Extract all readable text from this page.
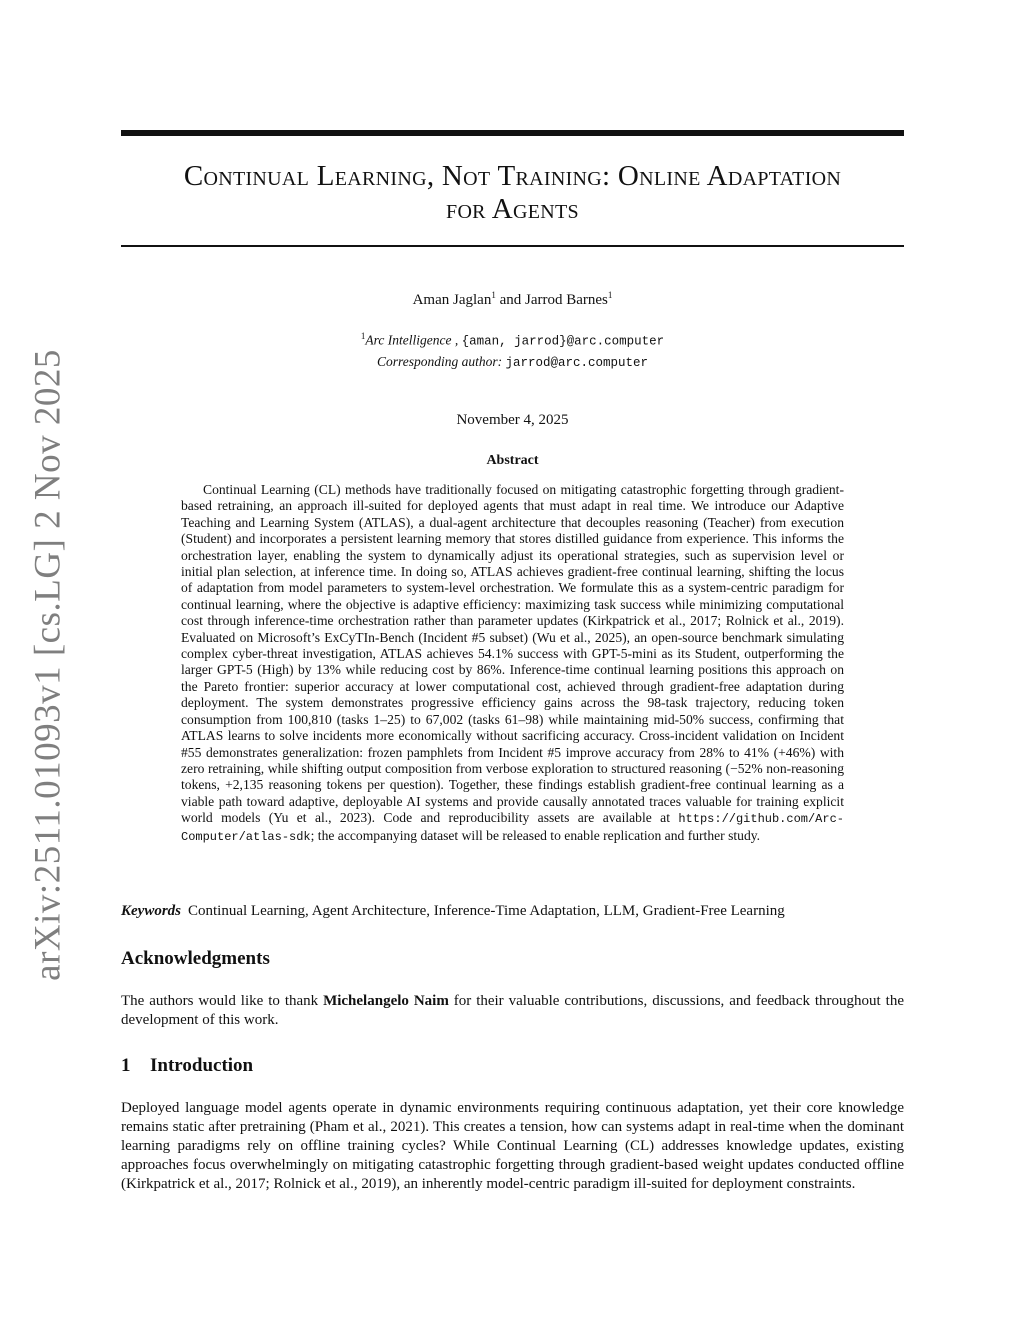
arXiv:2511.01093v1 [cs.LG] 2 Nov 2025
Continual Learning, Not Training: Online Adaptation
for Agents
Aman Jaglan$^1$ and Jarrod Barnes$^1$
$^1$Arc Intelligence , {aman, jarrod}@arc.computer
Corresponding author: jarrod@arc.computer
November 4, 2025
Abstract

Continual Learning (CL) methods have traditionally focused on mitigating catastrophic forgetting through gradient-based retraining, an approach ill-suited for deployed agents that must adapt in real time. We introduce our Adaptive Teaching and Learning System (ATLAS), a dual-agent architecture that decouples reasoning (Teacher) from execution (Student) and incorporates a persistent learning memory that stores distilled guidance from experience. This informs the orchestration layer, enabling the system to dynamically adjust its operational strategies, such as supervision level or initial plan selection, at inference time. In doing so, ATLAS achieves gradient-free continual learning, shifting the locus of adaptation from model parameters to system-level orchestration. We formulate this as a system-centric paradigm for continual learning, where the objective is adaptive efficiency: maximizing task success while minimizing computational cost through inference-time orchestration rather than parameter updates (Kirkpatrick et al., 2017; Rolnick et al., 2019). Evaluated on Microsoft’s ExCyTIn-Bench (Incident #5 subset) (Wu et al., 2025), an open-source benchmark simulating complex cyber-threat investigation, ATLAS achieves 54.1% success with GPT-5-mini as its Student, outperforming the larger GPT-5 (High) by 13% while reducing cost by 86%. Inference-time continual learning positions this approach on the Pareto frontier: superior accuracy at lower computational cost, achieved through gradient-free adaptation during deployment. The system demonstrates progressive efficiency gains across the 98-task trajectory, reducing token consumption from 100,810 (tasks 1–25) to 67,002 (tasks 61–98) while maintaining mid-50% success, confirming that ATLAS learns to solve incidents more economically without sacrificing accuracy. Cross-incident validation on Incident #55 demonstrates generalization: frozen pamphlets from Incident #5 improve accuracy from 28% to 41% (+46%) with zero retraining, while shifting output composition from verbose exploration to structured reasoning (−52% non-reasoning tokens, +2,135 reasoning tokens per question). Together, these findings establish gradient-free continual learning as a viable path toward adaptive, deployable AI systems and provide causally annotated traces valuable for training explicit world models (Yu et al., 2023). Code and reproducibility assets are available at https://github.com/Arc-Computer/atlas-sdk; the accompanying dataset will be released to enable replication and further study.

Keywords Continual Learning, Agent Architecture, Inference-Time Adaptation, LLM, Gradient-Free Learning

Acknowledgments

The authors would like to thank Michelangelo Naim for their valuable contributions, discussions, and feedback throughout the development of this work.

1 Introduction

Deployed language model agents operate in dynamic environments requiring continuous adaptation, yet their core knowledge remains static after pretraining (Pham et al., 2021). This creates a tension, how can systems adapt in real-time when the dominant learning paradigms rely on offline training cycles? While Continual Learning (CL) addresses knowledge updates, existing approaches focus overwhelmingly on mitigating catastrophic forgetting through gradient-based weight updates conducted offline (Kirkpatrick et al., 2017; Rolnick et al., 2019), an inherently model-centric paradigm ill-suited for deployment constraints.
